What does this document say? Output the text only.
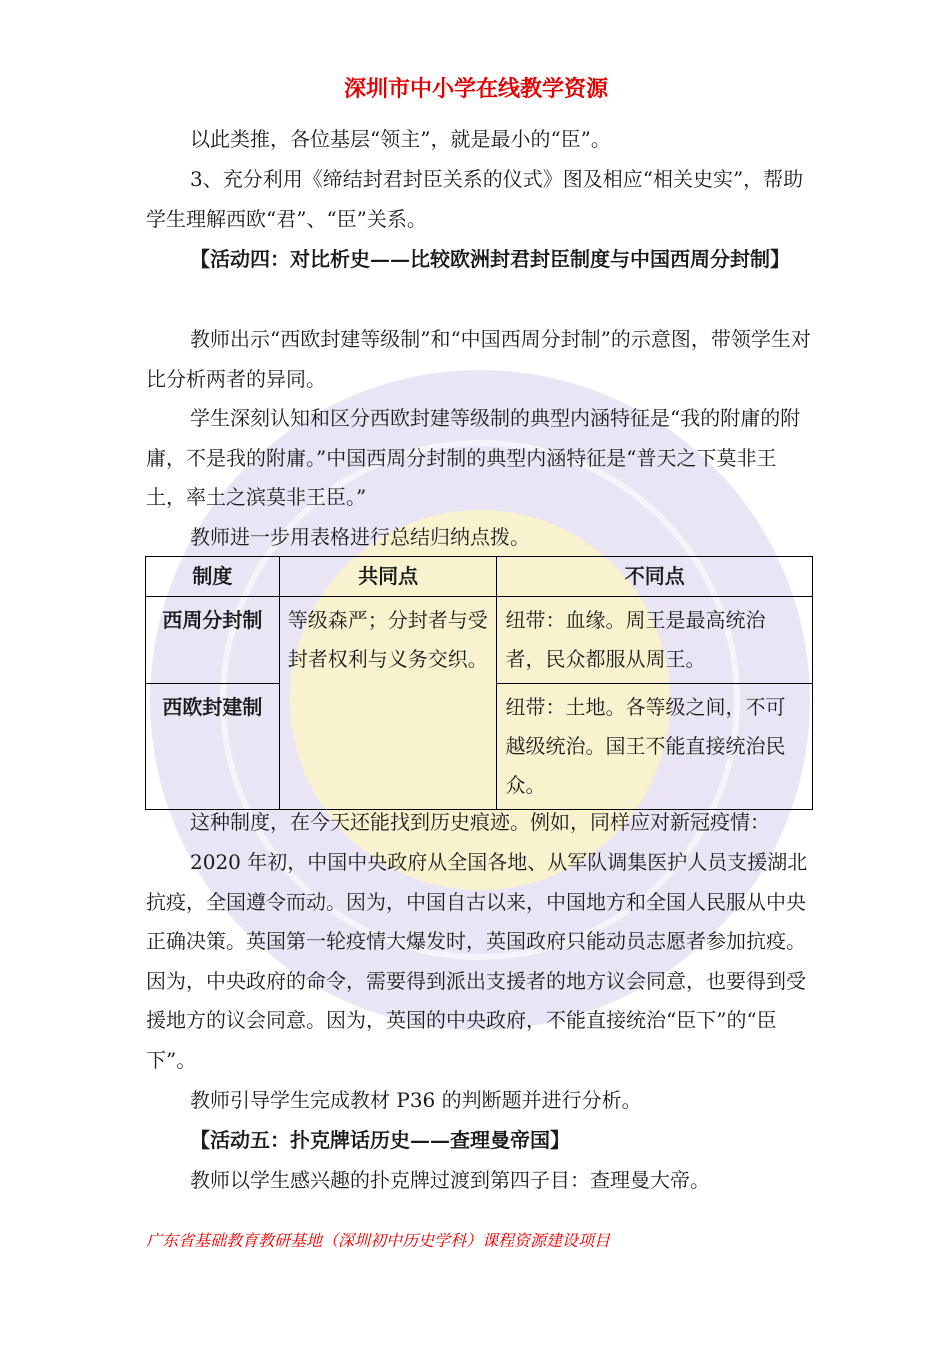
深圳市中小学在线教学资源

以此类推，各位基层“领主”，就是最小的“臣”。

3、充分利用《缔结封君封臣关系的仪式》图及相应“相关史实”，帮助学生理解西欧“君”、“臣”关系。

【活动四：对比析史——比较欧洲封君封臣制度与中国西周分封制】

教师出示“西欧封建等级制”和“中国西周分封制”的示意图，带领学生对比分析两者的异同。

学生深刻认知和区分西欧封建等级制的典型内涵特征是“我的附庸的附庸，不是我的附庸。”中国西周分封制的典型内涵特征是“普天之下莫非王土，率土之滨莫非王臣。”

教师进一步用表格进行总结归纳点拨。

制度	共同点	不同点
西周分封制	等级森严；分封者与受封者权利与义务交织。	纽带：血缘。周王是最高统治者，民众都服从周王。
西欧封建制		纽带：土地。各等级之间，不可越级统治。国王不能直接统治民众。

这种制度，在今天还能找到历史痕迹。例如，同样应对新冠疫情：

2020 年初，中国中央政府从全国各地、从军队调集医护人员支援湖北抗疫，全国遵令而动。因为，中国自古以来，中国地方和全国人民服从中央正确决策。英国第一轮疫情大爆发时，英国政府只能动员志愿者参加抗疫。因为，中央政府的命令，需要得到派出支援者的地方议会同意，也要得到受援地方的议会同意。因为，英国的中央政府，不能直接统治“臣下”的“臣下”。

教师引导学生完成教材 P36 的判断题并进行分析。

【活动五：扑克牌话历史——查理曼帝国】

教师以学生感兴趣的扑克牌过渡到第四子目：查理曼大帝。

广东省基础教育教研基地（深圳初中历史学科）课程资源建设项目
